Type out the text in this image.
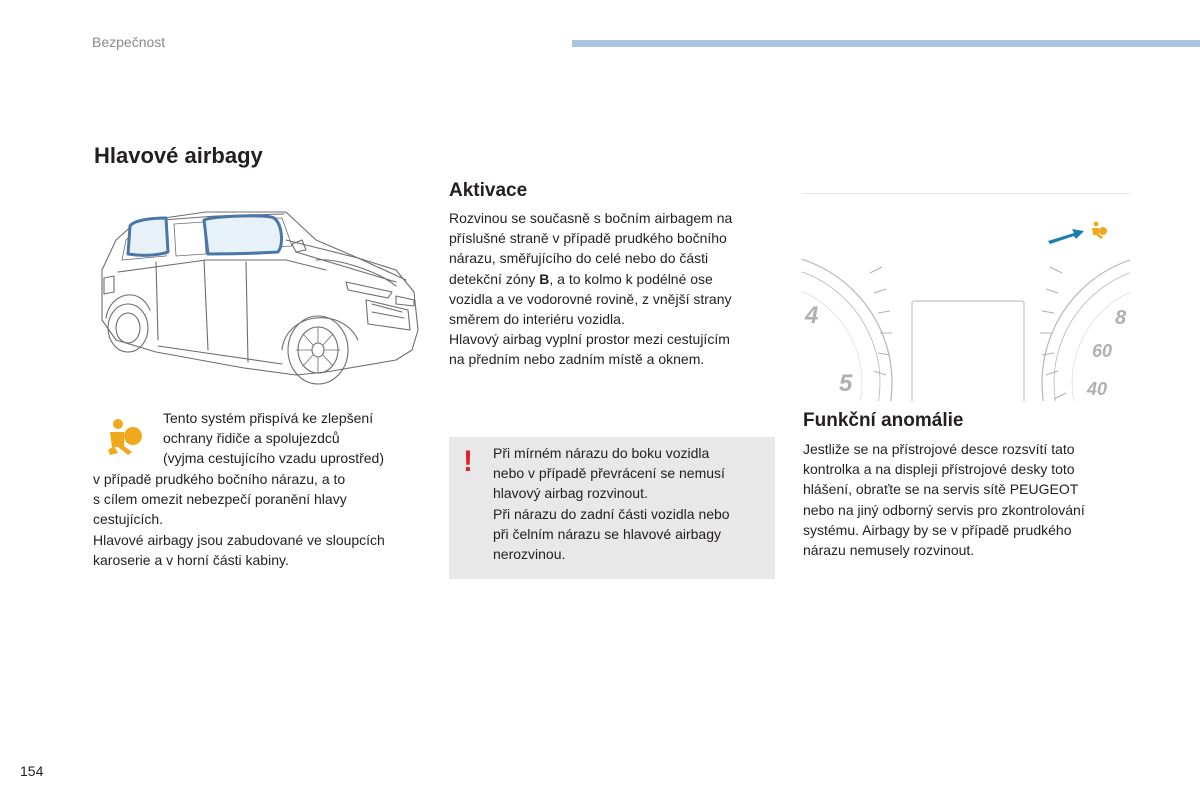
Bezpečnost
Hlavové airbagy

Tento systém přispívá ke zlepšení

ochrany řidiče a spolujezdců

(vyjma cestujícího vzadu uprostřed)

v případě prudkého bočního nárazu, a to

s cílem omezit nebezpečí poranění hlavy

cestujících.

Hlavové airbagy jsou zabudované ve sloupcích

karoserie a v horní části kabiny.

Aktivace

Rozvinou se současně s bočním airbagem na

příslušné straně v případě prudkého bočního

nárazu, směřujícího do celé nebo do části

detekční zóny B, a to kolmo k podélné ose

vozidla a ve vodorovné rovině, z vnější strany

směrem do interiéru vozidla.

Hlavový airbag vyplní prostor mezi cestujícím

na předním nebo zadním místě a oknem.

! Při mírném nárazu do boku vozidla

nebo v případě převrácení se nemusí

hlavový airbag rozvinout.

Při nárazu do zadní části vozidla nebo

při čelním nárazu se hlavové airbagy

nerozvinou.

4
5
8
60
40
Funkční anomálie

Jestliže se na přístrojové desce rozsvítí tato

kontrolka a na displeji přístrojové desky toto

hlášení, obraťte se na servis sítě PEUGEOT

nebo na jiný odborný servis pro zkontrolování

systému. Airbagy by se v případě prudkého

nárazu nemusely rozvinout.

154
